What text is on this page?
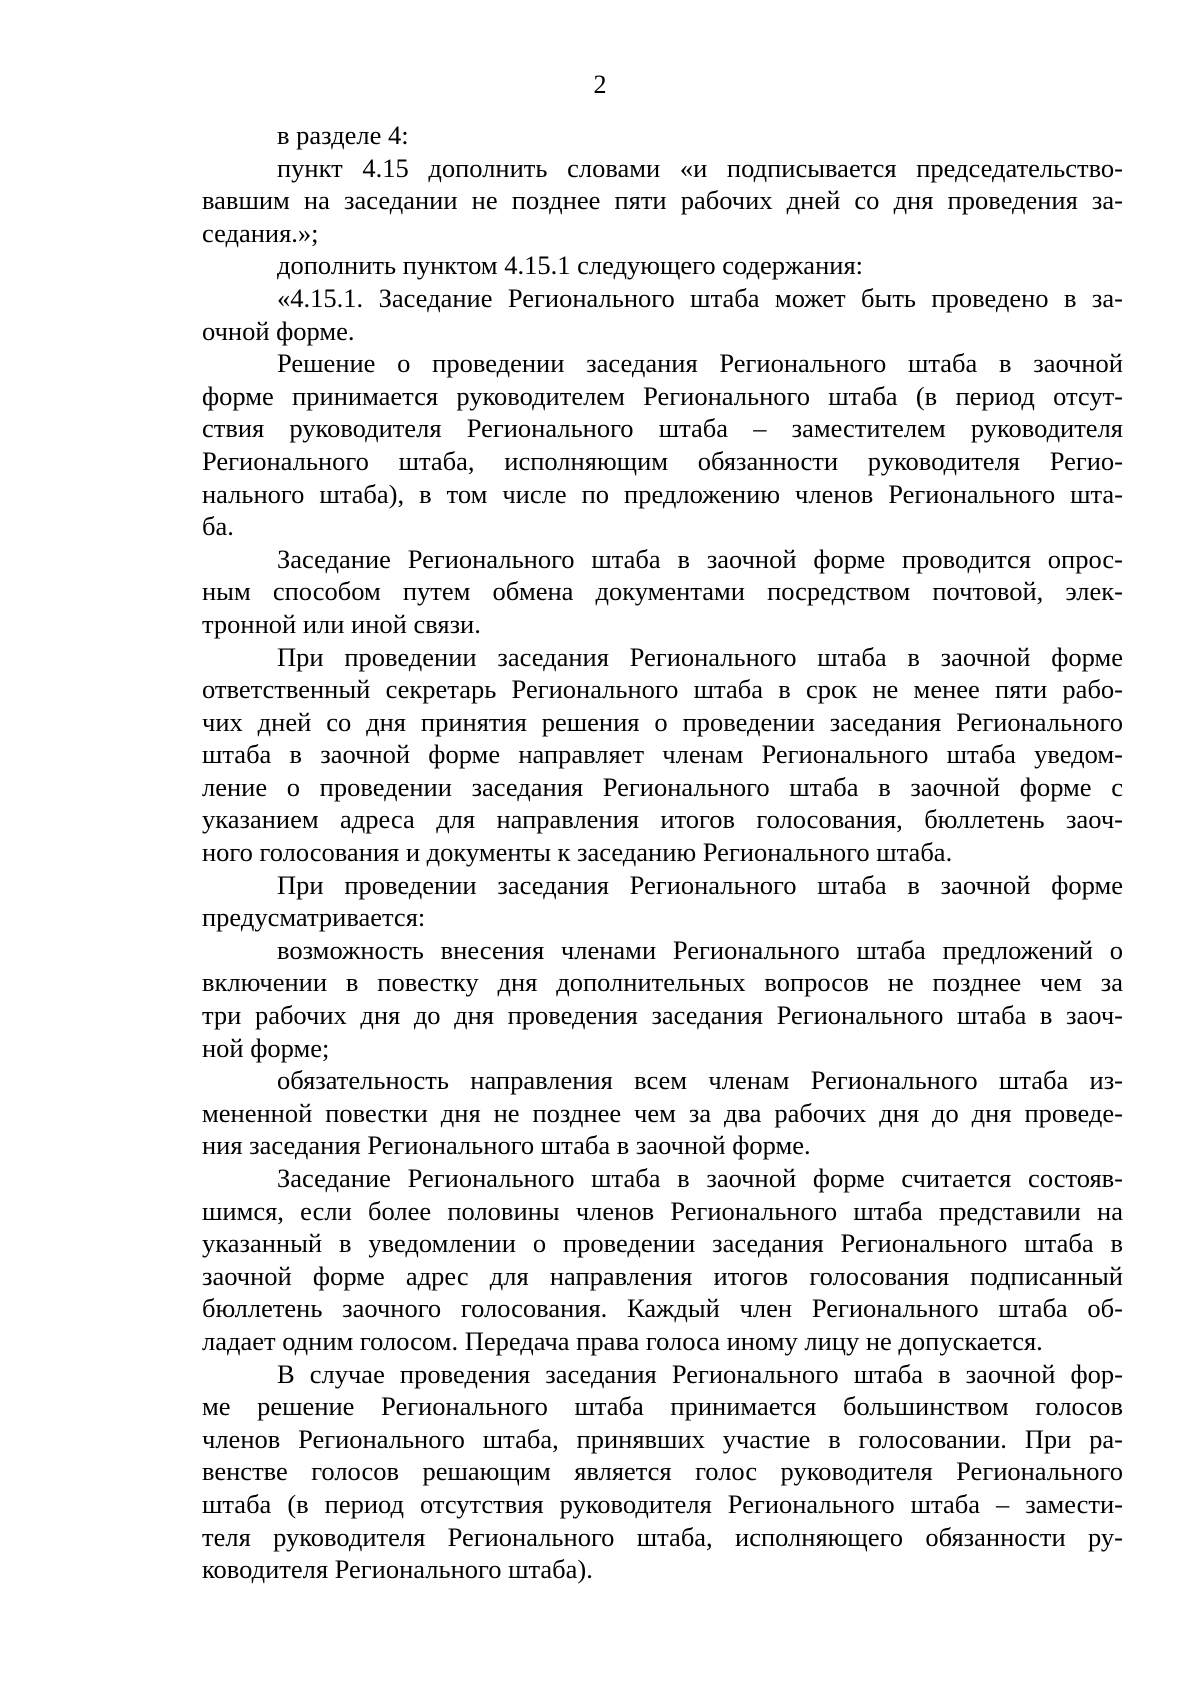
2
в разделе 4:
пункт 4.15 дополнить словами «и подписывается председательство-
вавшим на заседании не позднее пяти рабочих дней со дня проведения за-
седания.»;
дополнить пунктом 4.15.1 следующего содержания:
«4.15.1. Заседание Регионального штаба может быть проведено в за-
очной форме.
Решение о проведении заседания Регионального штаба в заочной
форме принимается руководителем Регионального штаба (в период отсут-
ствия руководителя Регионального штаба – заместителем руководителя
Регионального штаба, исполняющим обязанности руководителя Регио-
нального штаба), в том числе по предложению членов Регионального шта-
ба.
Заседание Регионального штаба в заочной форме проводится опрос-
ным способом путем обмена документами посредством почтовой, элек-
тронной или иной связи.
При проведении заседания Регионального штаба в заочной форме
ответственный секретарь Регионального штаба в срок не менее пяти рабо-
чих дней со дня принятия решения о проведении заседания Регионального
штаба в заочной форме направляет членам Регионального штаба уведом-
ление о проведении заседания Регионального штаба в заочной форме с
указанием адреса для направления итогов голосования, бюллетень заоч-
ного голосования и документы к заседанию Регионального штаба.
При проведении заседания Регионального штаба в заочной форме
предусматривается:
возможность внесения членами Регионального штаба предложений о
включении в повестку дня дополнительных вопросов не позднее чем за
три рабочих дня до дня проведения заседания Регионального штаба в заоч-
ной форме;
обязательность направления всем членам Регионального штаба из-
мененной повестки дня не позднее чем за два рабочих дня до дня проведе-
ния заседания Регионального штаба в заочной форме.
Заседание Регионального штаба в заочной форме считается состояв-
шимся, если более половины членов Регионального штаба представили на
указанный в уведомлении о проведении заседания Регионального штаба в
заочной форме адрес для направления итогов голосования подписанный
бюллетень заочного голосования. Каждый член Регионального штаба об-
ладает одним голосом. Передача права голоса иному лицу не допускается.
В случае проведения заседания Регионального штаба в заочной фор-
ме решение Регионального штаба принимается большинством голосов
членов Регионального штаба, принявших участие в голосовании. При ра-
венстве голосов решающим является голос руководителя Регионального
штаба (в период отсутствия руководителя Регионального штаба – замести-
теля руководителя Регионального штаба, исполняющего обязанности ру-
ководителя Регионального штаба).
